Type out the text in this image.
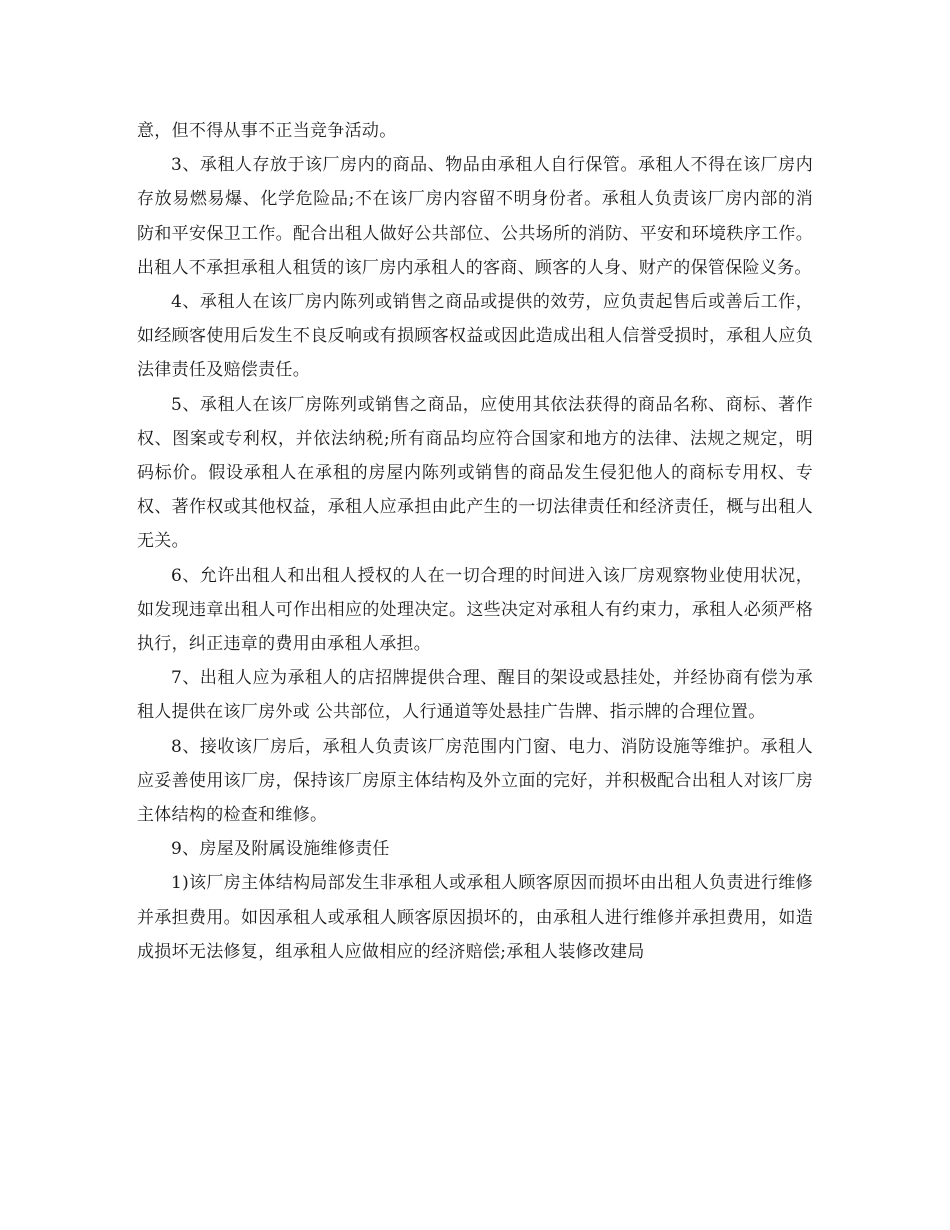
意，但不得从事不正当竞争活动。

3、承租人存放于该厂房内的商品、物品由承租人自行保管。承租人不得在该厂房内存放易燃易爆、化学危险品;不在该厂房内容留不明身份者。承租人负责该厂房内部的消防和平安保卫工作。配合出租人做好公共部位、公共场所的消防、平安和环境秩序工作。出租人不承担承租人租赁的该厂房内承租人的客商、顾客的人身、财产的保管保险义务。

4、承租人在该厂房内陈列或销售之商品或提供的效劳，应负责起售后或善后工作，如经顾客使用后发生不良反响或有损顾客权益或因此造成出租人信誉受损时，承租人应负法律责任及赔偿责任。

5、承租人在该厂房陈列或销售之商品，应使用其依法获得的商品名称、商标、著作权、图案或专利权，并依法纳税;所有商品均应符合国家和地方的法律、法规之规定，明码标价。假设承租人在承租的房屋内陈列或销售的商品发生侵犯他人的商标专用权、专权、著作权或其他权益，承租人应承担由此产生的一切法律责任和经济责任，概与出租人无关。

6、允许出租人和出租人授权的人在一切合理的时间进入该厂房观察物业使用状况，如发现违章出租人可作出相应的处理决定。这些决定对承租人有约束力，承租人必须严格执行，纠正违章的费用由承租人承担。

7、出租人应为承租人的店招牌提供合理、醒目的架设或悬挂处，并经协商有偿为承租人提供在该厂房外或 公共部位，人行通道等处悬挂广告牌、指示牌的合理位置。

8、接收该厂房后，承租人负责该厂房范围内门窗、电力、消防设施等维护。承租人应妥善使用该厂房，保持该厂房原主体结构及外立面的完好，并积极配合出租人对该厂房主体结构的检查和维修。

9、房屋及附属设施维修责任

1)该厂房主体结构局部发生非承租人或承租人顾客原因而损坏由出租人负责进行维修并承担费用。如因承租人或承租人顾客原因损坏的，由承租人进行维修并承担费用，如造成损坏无法修复，组承租人应做相应的经济赔偿;承租人装修改建局
